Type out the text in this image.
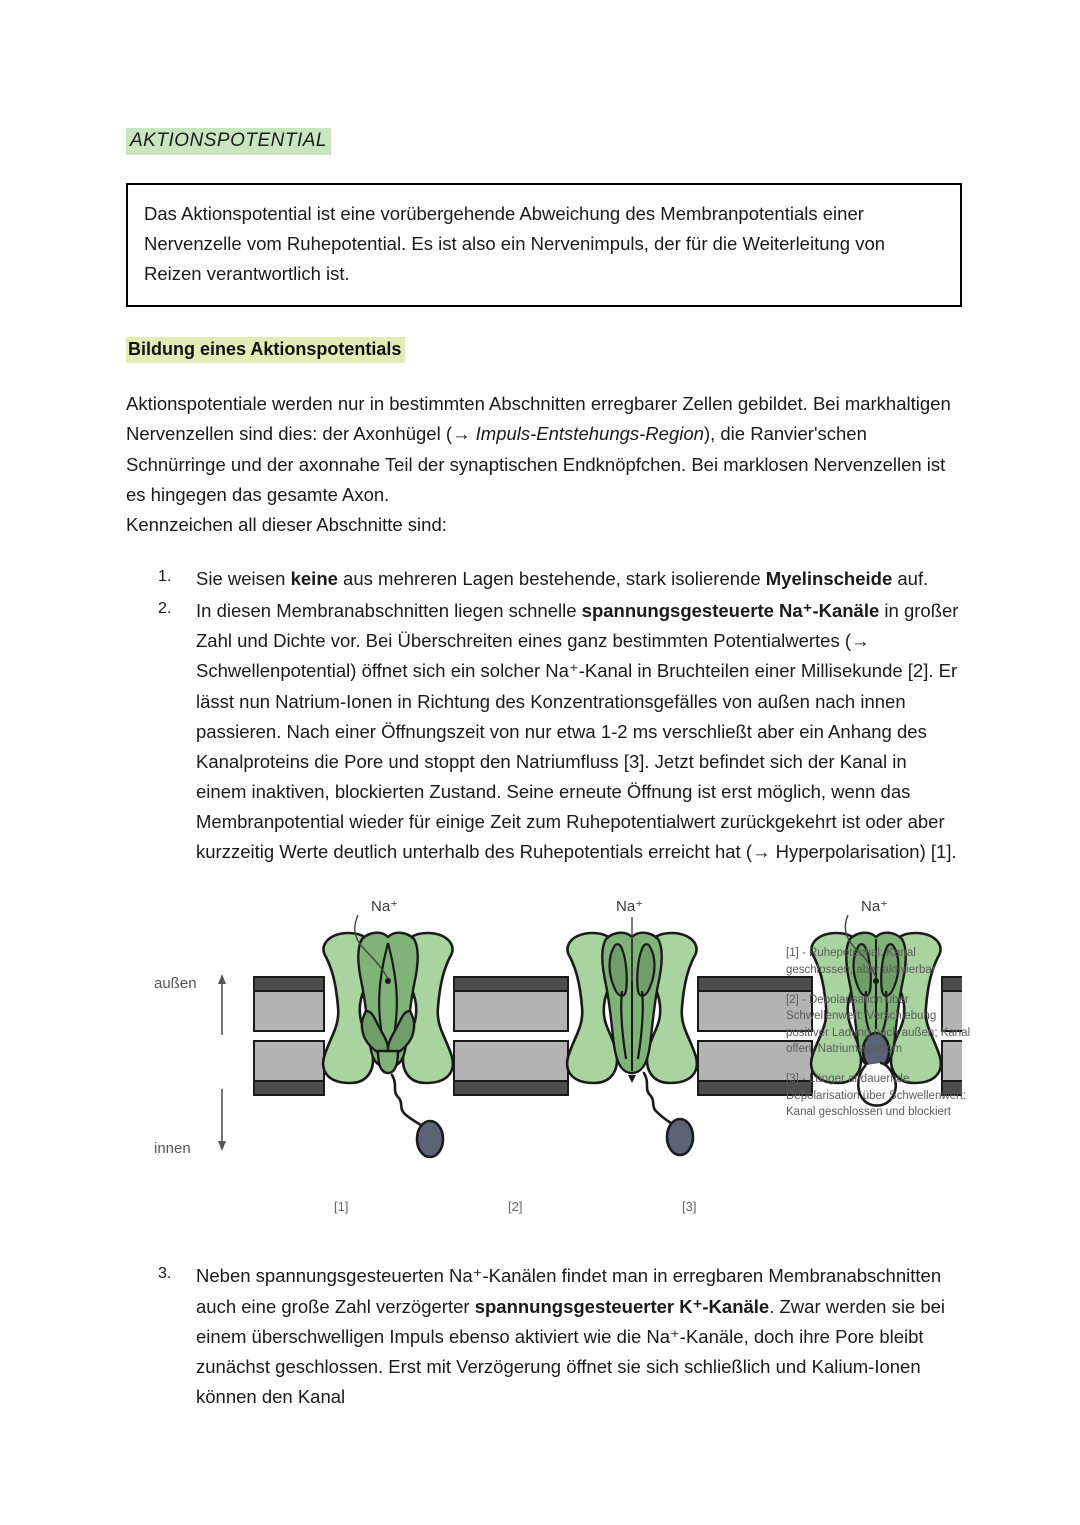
AKTIONSPOTENTIAL

Das Aktionspotential ist eine vorübergehende Abweichung des Membranpotentials einer Nervenzelle vom Ruhepotential. Es ist also ein Nervenimpuls, der für die Weiterleitung von Reizen verantwortlich ist.

Bildung eines Aktionspotentials
Aktionspotentiale werden nur in bestimmten Abschnitten erregbarer Zellen gebildet. Bei markhaltigen Nervenzellen sind dies: der Axonhügel (→ Impuls-Entstehungs-Region), die Ranvier'schen Schnürringe und der axonnahe Teil der synaptischen Endknöpfchen. Bei marklosen Nervenzellen ist es hingegen das gesamte Axon.
Kennzeichen all dieser Abschnitte sind:
1.	Sie weisen keine aus mehreren Lagen bestehende, stark isolierende Myelinscheide auf.
2.	In diesen Membranabschnitten liegen schnelle spannungsgesteuerte Na⁺-Kanäle in großer Zahl und Dichte vor. Bei Überschreiten eines ganz bestimmten Potentialwertes (→ Schwellenpotential) öffnet sich ein solcher Na⁺-Kanal in Bruchteilen einer Millisekunde [2]. Er lässt nun Natrium-Ionen in Richtung des Konzentrationsgefälles von außen nach innen passieren. Nach einer Öffnungszeit von nur etwa 1-2 ms verschließt aber ein Anhang des Kanalproteins die Pore und stoppt den Natriumfluss [3]. Jetzt befindet sich der Kanal in einem inaktiven, blockierten Zustand. Seine erneute Öffnung ist erst möglich, wenn das Membranpotential wieder für einige Zeit zum Ruhepotentialwert zurückgekehrt ist oder aber kurzzeitig Werte deutlich unterhalb des Ruhepotentials erreicht hat (→ Hyperpolarisation) [1].
Na⁺	Na⁺	Na⁺
außen
innen
[1]	[2]	[3]

[1] - Ruhepotential: Kanal geschlossen, aber aktivierbar

[2] - Depolarisation über Schwellenwert: Verschiebung positiver Ladung nach außen; Kanal offen; Natriumeinstrom

[3] - Länger andauernde Depolarisation über Schwellenwert: Kanal geschlossen und blockiert

3.	Neben spannungsgesteuerten Na⁺-Kanälen findet man in erregbaren Membranabschnitten auch eine große Zahl verzögerter spannungsgesteuerter K⁺-Kanäle. Zwar werden sie bei einem überschwelligen Impuls ebenso aktiviert wie die Na⁺-Kanäle, doch ihre Pore bleibt zunächst geschlossen. Erst mit Verzögerung öffnet sie sich schließlich und Kalium-Ionen können den Kanal
